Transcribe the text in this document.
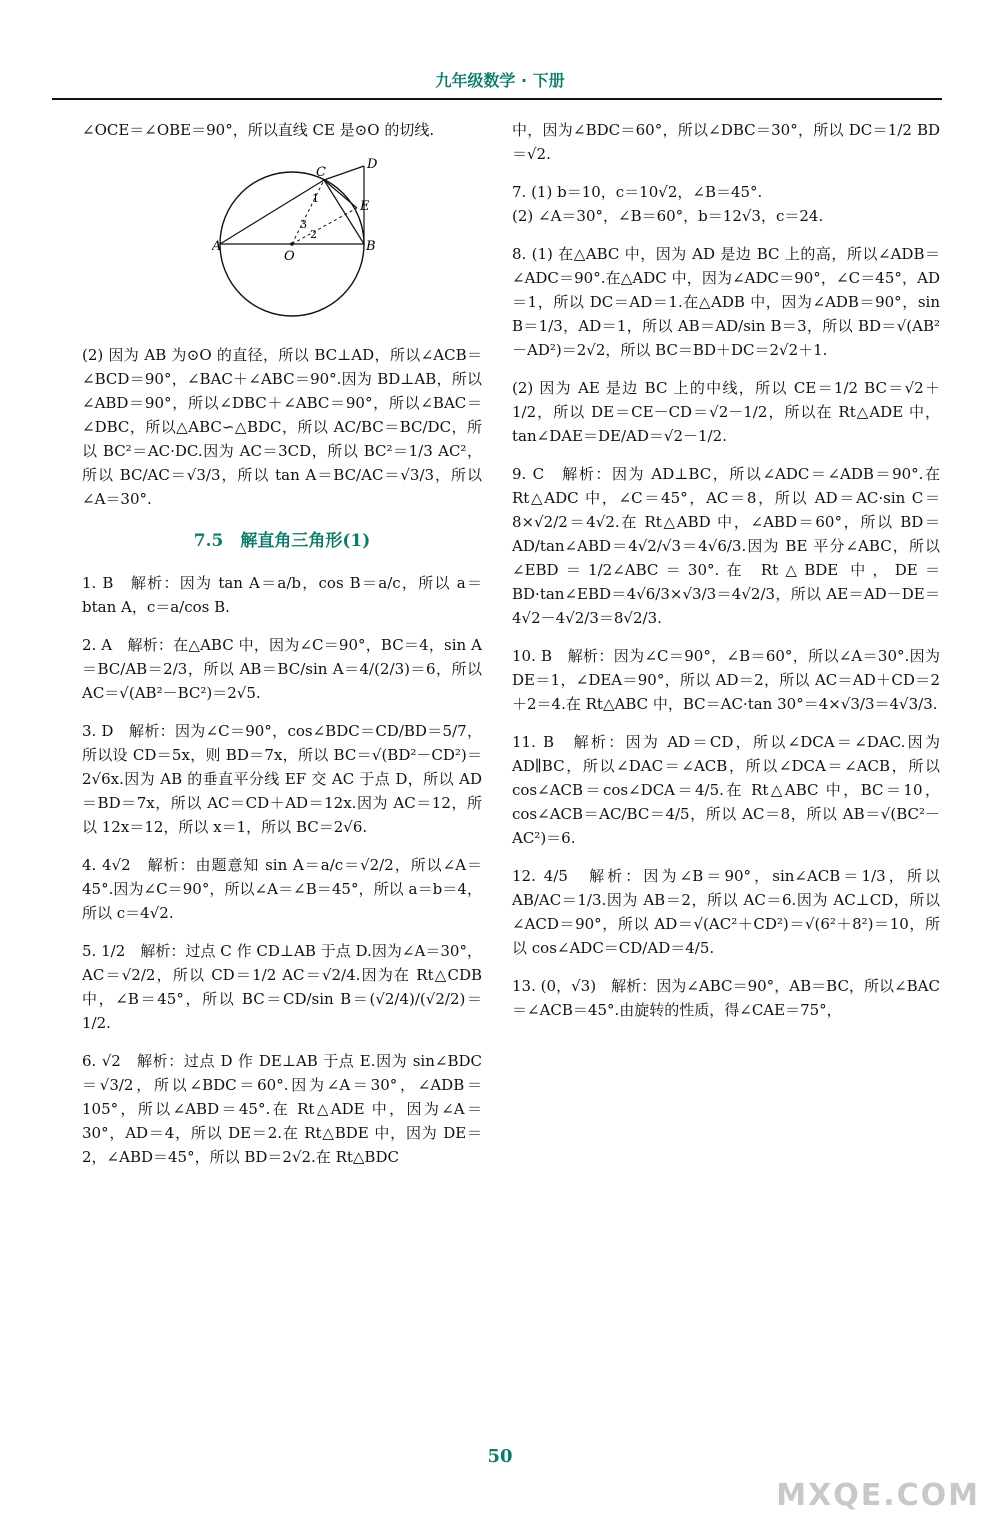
九年级数学 · 下册

∠OCE＝∠OBE＝90°，所以直线 CE 是⊙O 的切线.

A	B
C
D
E
O
1
2
3

(2) 因为 AB 为⊙O 的直径，所以 BC⊥AD，所以∠ACB＝∠BCD＝90°，∠BAC＋∠ABC＝90°.因为 BD⊥AB，所以∠ABD＝90°，所以∠DBC＋∠ABC＝90°，所以∠BAC＝∠DBC，所以△ABC∽△BDC，所以 AC/BC＝BC/DC，所以 BC²＝AC·DC.因为 AC＝3CD，所以 BC²＝1/3 AC²，所以 BC/AC＝√3/3，所以 tan A＝BC/AC＝√3/3，所以∠A＝30°.

7.5　解直角三角形(1)

1. B　解析：因为 tan A＝a/b，cos B＝a/c，所以 a＝btan A，c＝a/cos B.

2. A　解析：在△ABC 中，因为∠C＝90°，BC＝4，sin A＝BC/AB＝2/3，所以 AB＝BC/sin A＝4/(2/3)＝6，所以 AC＝√(AB²－BC²)＝2√5.

3. D　解析：因为∠C＝90°，cos∠BDC＝CD/BD＝5/7，所以设 CD＝5x，则 BD＝7x，所以 BC＝√(BD²－CD²)＝2√6x.因为 AB 的垂直平分线 EF 交 AC 于点 D，所以 AD＝BD＝7x，所以 AC＝CD＋AD＝12x.因为 AC＝12，所以 12x＝12，所以 x＝1，所以 BC＝2√6.

4. 4√2　解析：由题意知 sin A＝a/c＝√2/2，所以∠A＝45°.因为∠C＝90°，所以∠A＝∠B＝45°，所以 a＝b＝4，所以 c＝4√2.

5. 1/2　解析：过点 C 作 CD⊥AB 于点 D.因为∠A＝30°，AC＝√2/2，所以 CD＝1/2 AC＝√2/4.因为在 Rt△CDB 中，∠B＝45°，所以 BC＝CD/sin B＝(√2/4)/(√2/2)＝1/2.

6. √2　解析：过点 D 作 DE⊥AB 于点 E.因为 sin∠BDC＝√3/2，所以∠BDC＝60°.因为∠A＝30°，∠ADB＝105°，所以∠ABD＝45°.在 Rt△ADE 中，因为∠A＝30°，AD＝4，所以 DE＝2.在 Rt△BDE 中，因为 DE＝2，∠ABD＝45°，所以 BD＝2√2.在 Rt△BDC

中，因为∠BDC＝60°，所以∠DBC＝30°，所以 DC＝1/2 BD＝√2.

7. (1) b＝10，c＝10√2，∠B＝45°.
(2) ∠A＝30°，∠B＝60°，b＝12√3，c＝24.

8. (1) 在△ABC 中，因为 AD 是边 BC 上的高，所以∠ADB＝∠ADC＝90°.在△ADC 中，因为∠ADC＝90°，∠C＝45°，AD＝1，所以 DC＝AD＝1.在△ADB 中，因为∠ADB＝90°，sin B＝1/3，AD＝1，所以 AB＝AD/sin B＝3，所以 BD＝√(AB²－AD²)＝2√2，所以 BC＝BD＋DC＝2√2＋1.

(2) 因为 AE 是边 BC 上的中线，所以 CE＝1/2 BC＝√2＋1/2，所以 DE＝CE－CD＝√2－1/2，所以在 Rt△ADE 中，tan∠DAE＝DE/AD＝√2－1/2.

9. C　解析：因为 AD⊥BC，所以∠ADC＝∠ADB＝90°.在 Rt△ADC 中，∠C＝45°，AC＝8，所以 AD＝AC·sin C＝8×√2/2＝4√2.在 Rt△ABD 中，∠ABD＝60°，所以 BD＝AD/tan∠ABD＝4√2/√3＝4√6/3.因为 BE 平分∠ABC，所以∠EBD＝1/2∠ABC＝30°.在 Rt△BDE 中，DE＝BD·tan∠EBD＝4√6/3×√3/3＝4√2/3，所以 AE＝AD－DE＝4√2－4√2/3＝8√2/3.

10. B　解析：因为∠C＝90°，∠B＝60°，所以∠A＝30°.因为 DE＝1，∠DEA＝90°，所以 AD＝2，所以 AC＝AD＋CD＝2＋2＝4.在 Rt△ABC 中，BC＝AC·tan 30°＝4×√3/3＝4√3/3.

11. B　解析：因为 AD＝CD，所以∠DCA＝∠DAC.因为 AD∥BC，所以∠DAC＝∠ACB，所以∠DCA＝∠ACB，所以 cos∠ACB＝cos∠DCA＝4/5.在 Rt△ABC 中，BC＝10，cos∠ACB＝AC/BC＝4/5，所以 AC＝8，所以 AB＝√(BC²－AC²)＝6.

12. 4/5　解析：因为∠B＝90°，sin∠ACB＝1/3，所以 AB/AC＝1/3.因为 AB＝2，所以 AC＝6.因为 AC⊥CD，所以∠ACD＝90°，所以 AD＝√(AC²＋CD²)＝√(6²＋8²)＝10，所以 cos∠ADC＝CD/AD＝4/5.

13. (0，√3)　解析：因为∠ABC＝90°，AB＝BC，所以∠BAC＝∠ACB＝45°.由旋转的性质，得∠CAE＝75°，

50
MXQE.COM
